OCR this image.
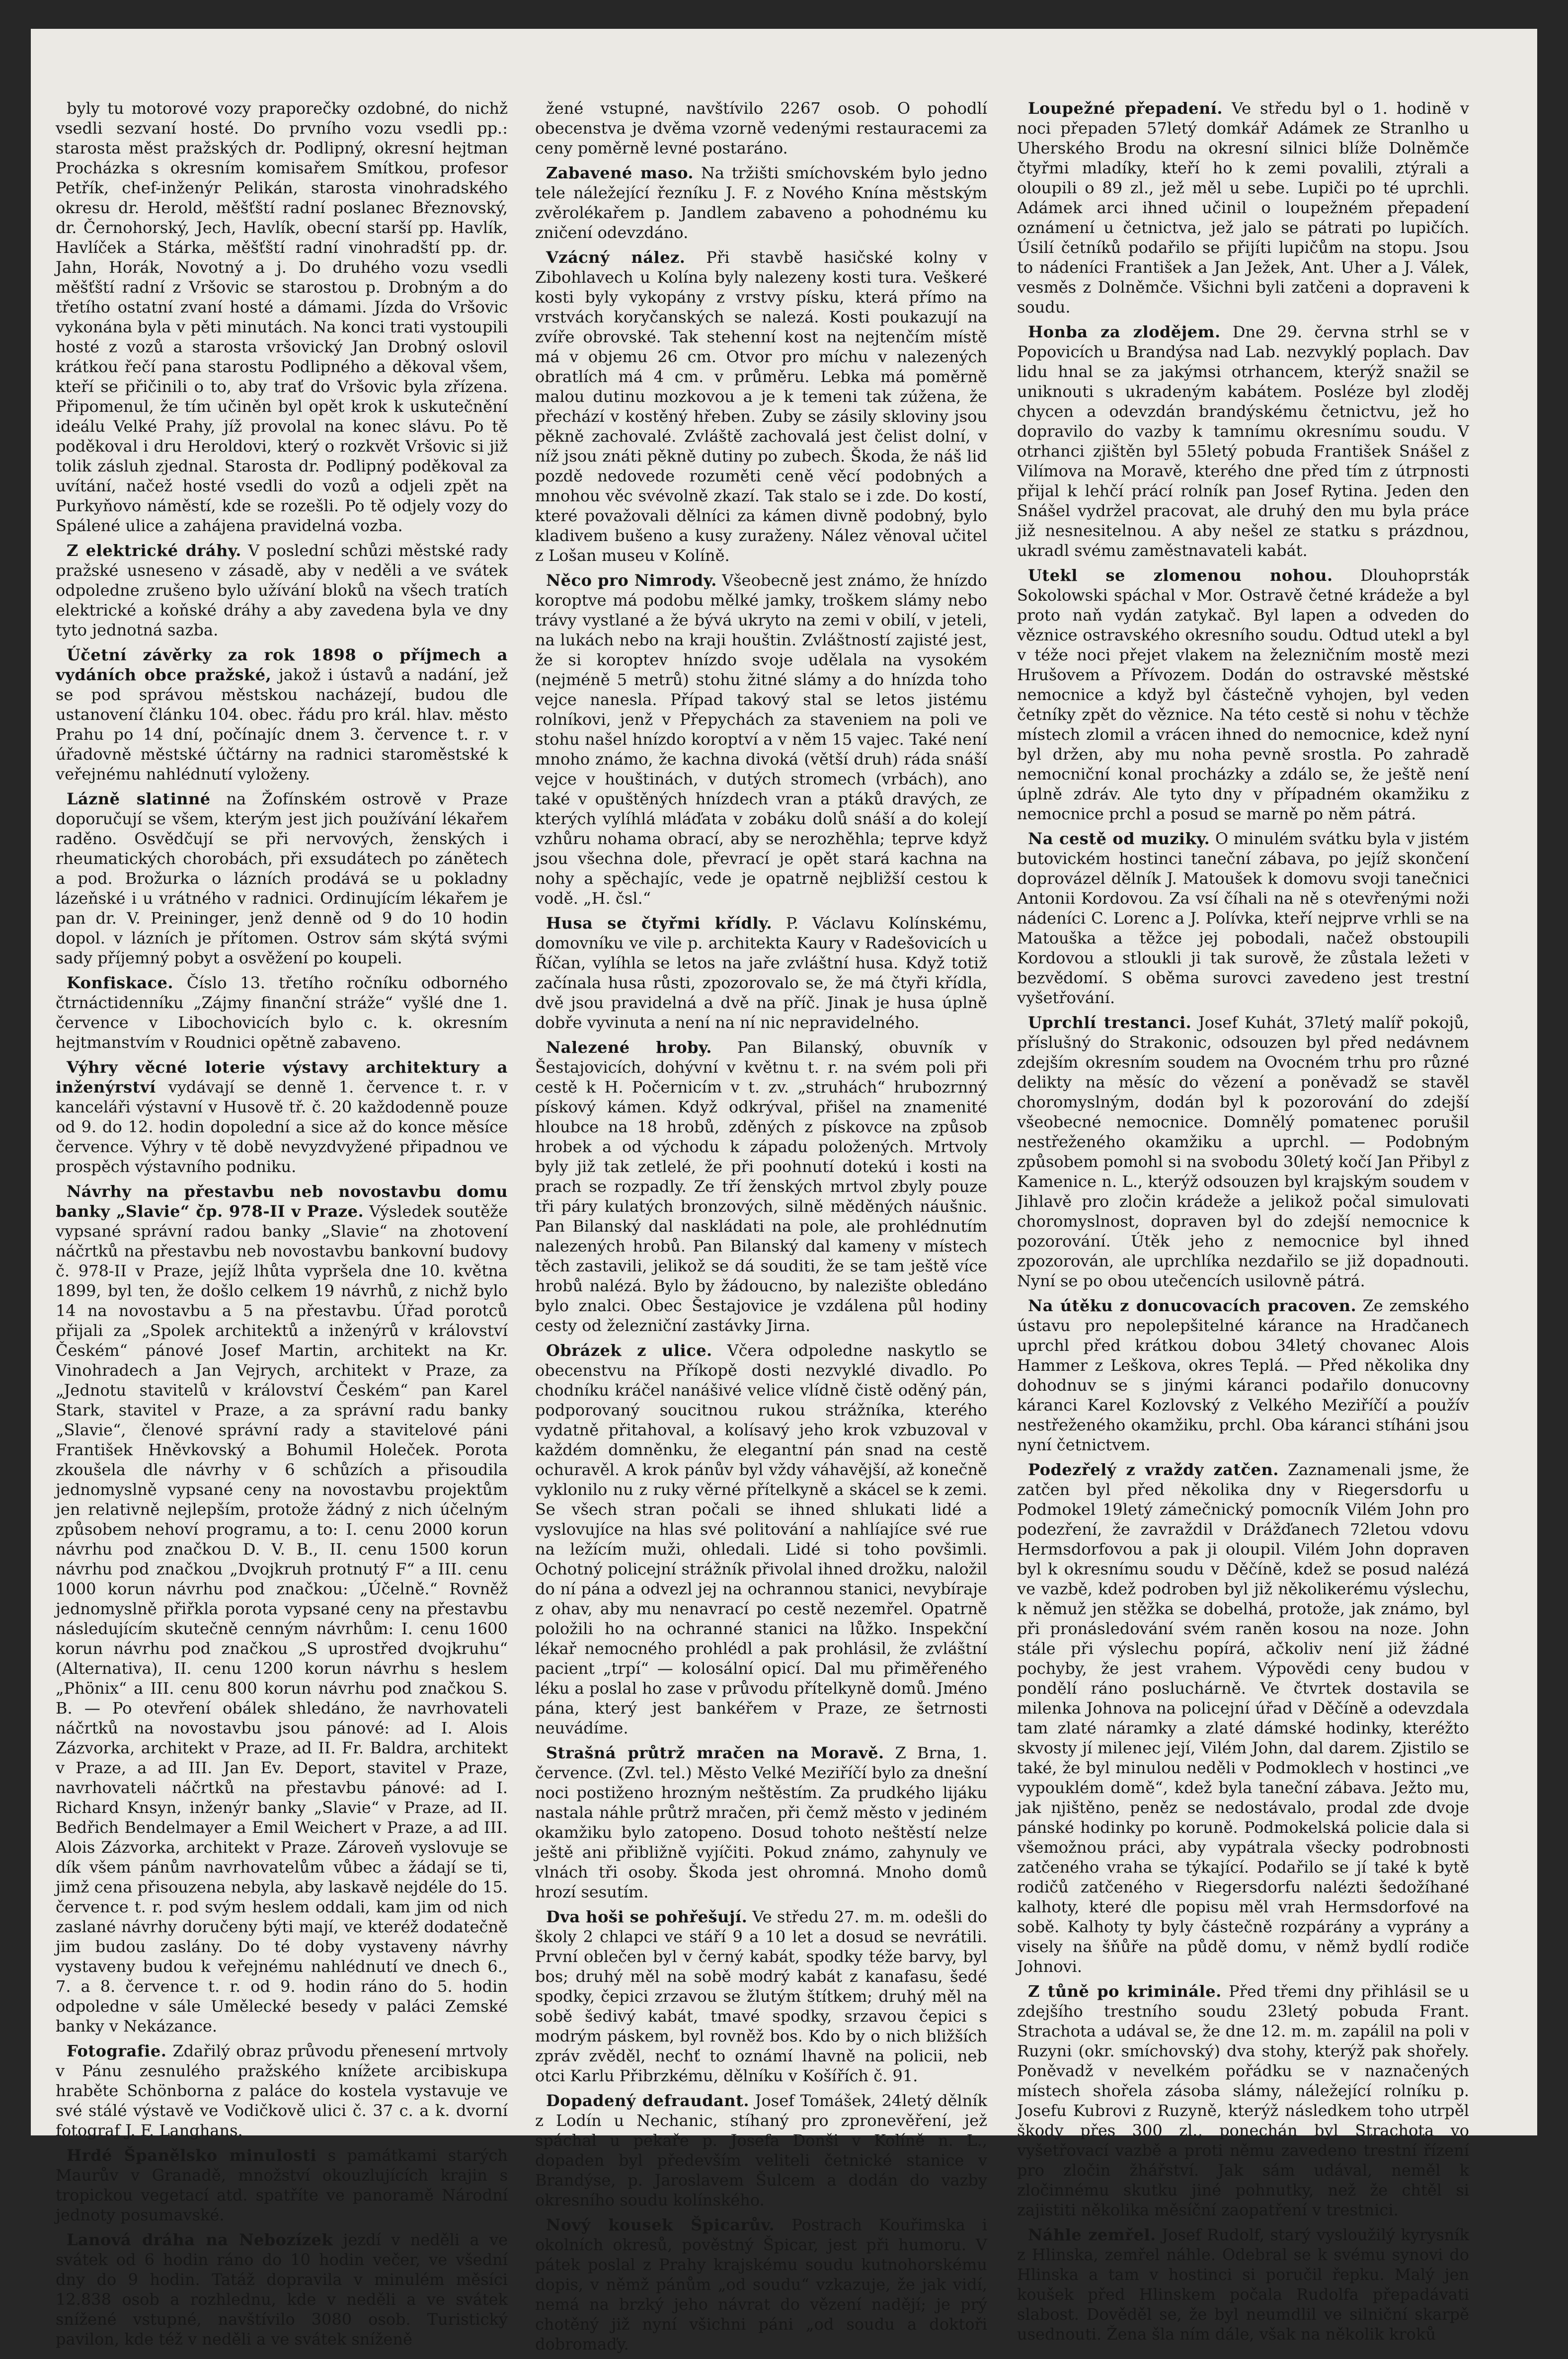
byly tu motorové vozy praporečky ozdobné, do nichž vsedli sezvaní hosté. Do prvního vozu vsedli pp.: starosta měst pražských dr. Podlipný, okresní hejtman Procházka s okresním komisařem Smítkou, profesor Petřík, chef-inženýr Pelikán, starosta vinohradského okresu dr. Herold, měšťští radní poslanec Březnovský, dr. Černohorský, Jech, Havlík, obecní starší pp. Havlík, Havlíček a Stárka, měšťští radní vinohradští pp. dr. Jahn, Horák, Novotný a j. Do druhého vozu vsedli měšťští radní z Vršovic se starostou p. Drobným a do třetího ostatní zvaní hosté a dámami. Jízda do Vršovic vykonána byla v pěti minutách. Na konci trati vystoupili hosté z vozů a starosta vršovický Jan Drobný oslovil krátkou řečí pana starostu Podlipného a děkoval všem, kteří se přičinili o to, aby trať do Vršovic byla zřízena. Připomenul, že tím učiněn byl opět krok k uskutečnění ideálu Velké Prahy, jíž provolal na konec slávu. Po tě poděkoval i dru Heroldovi, který o rozkvět Vršovic si již tolik zásluh zjednal. Starosta dr. Podlipný poděkoval za uvítání, načež hosté vsedli do vozů a odjeli zpět na Purkyňovo náměstí, kde se rozešli. Po tě odjely vozy do Spálené ulice a zahájena pravidelná vozba.

Z elektrické dráhy. V poslední schůzi městské rady pražské usneseno v zásadě, aby v neděli a ve svátek odpoledne zrušeno bylo užívání bloků na všech tratích elektrické a koňské dráhy a aby zavedena byla ve dny tyto jednotná sazba.

Účetní závěrky za rok 1898 o příjmech a vydáních obce pražské, jakož i ústavů a nadání, jež se pod správou městskou nacházejí, budou dle ustanovení článku 104. obec. řádu pro král. hlav. město Prahu po 14 dní, počínajíc dnem 3. července t. r. v úřadovně městské účtárny na radnici staroměstské k veřejnému nahlédnutí vyloženy.

Lázně slatinné na Žofínském ostrově v Praze doporučují se všem, kterým jest jich používání lékařem raděno. Osvědčují se při nervových, ženských i rheumatických chorobách, při exsudátech po zánětech a pod. Brožurka o lázních prodává se u pokladny lázeňské i u vrátného v radnici. Ordinujícím lékařem je pan dr. V. Preininger, jenž denně od 9 do 10 hodin dopol. v lázních je přítomen. Ostrov sám skýtá svými sady příjemný pobyt a osvěžení po koupeli.

Konfiskace. Číslo 13. třetího ročníku odborného čtrnáctidenníku „Zájmy finanční stráže“ vyšlé dne 1. července v Libochovicích bylo c. k. okresním hejtmanstvím v Roudnici opětně zabaveno.

Výhry věcné loterie výstavy architektury a inženýrství vydávají se denně 1. července t. r. v kanceláři výstavní v Husově tř. č. 20 každodenně pouze od 9. do 12. hodin dopolední a sice až do konce měsíce července. Výhry v tě době nevyzdvyžené připadnou ve prospěch výstavního podniku.

Návrhy na přestavbu neb novostavbu domu banky „Slavie“ čp. 978-II v Praze. Výsledek soutěže vypsané správní radou banky „Slavie“ na zhotovení náčrtků na přestavbu neb novostavbu bankovní budovy č. 978-II v Praze, jejíž lhůta vypršela dne 10. května 1899, byl ten, že došlo celkem 19 návrhů, z nichž bylo 14 na novostavbu a 5 na přestavbu. Úřad porotců přijali za „Spolek architektů a inženýrů v království Českém“ pánové Josef Martin, architekt na Kr. Vinohradech a Jan Vejrych, architekt v Praze, za „Jednotu stavitelů v království Českém“ pan Karel Stark, stavitel v Praze, a za správní radu banky „Slavie“, členové správní rady a stavitelové páni František Hněvkovský a Bohumil Holeček. Porota zkoušela dle návrhy v 6 schůzích a přisoudila jednomyslně vypsané ceny na novostavbu projektům jen relativně nejlepším, protože žádný z nich účelným způsobem nehoví programu, a to: I. cenu 2000 korun návrhu pod značkou D. V. B., II. cenu 1500 korun návrhu pod značkou „Dvojkruh protnutý F“ a III. cenu 1000 korun návrhu pod značkou: „Účelně.“ Rovněž jednomyslně přiřkla porota vypsané ceny na přestavbu následujícím skutečně cenným návrhům: I. cenu 1600 korun návrhu pod značkou „S uprostřed dvojkruhu“ (Alternativa), II. cenu 1200 korun návrhu s heslem „Phönix“ a III. cenu 800 korun návrhu pod značkou S. B. — Po otevření obálek shledáno, že navrhovateli náčrtků na novostavbu jsou pánové: ad I. Alois Zázvorka, architekt v Praze, ad II. Fr. Baldra, architekt v Praze, a ad III. Jan Ev. Deport, stavitel v Praze, navrhovateli náčrtků na přestavbu pánové: ad I. Richard Knsyn, inženýr banky „Slavie“ v Praze, ad II. Bedřich Bendelmayer a Emil Weichert v Praze, a ad III. Alois Zázvorka, architekt v Praze. Zároveň vyslovuje se dík všem pánům navrhovatelům vůbec a žádají se ti, jimž cena přisouzena nebyla, aby laskavě nejdéle do 15. července t. r. pod svým heslem oddali, kam jim od nich zaslané návrhy doručeny býti mají, ve kteréž dodatečně jim budou zaslány. Do té doby vystaveny návrhy vystaveny budou k veřejnému nahlédnutí ve dnech 6., 7. a 8. července t. r. od 9. hodin ráno do 5. hodin odpoledne v sále Umělecké besedy v paláci Zemské banky v Nekázance.

Fotografie. Zdařilý obraz průvodu přenesení mrtvoly v Pánu zesnulého pražského knížete arcibiskupa hraběte Schönborna z paláce do kostela vystavuje ve své stálé výstavě ve Vodičkově ulici č. 37 c. a k. dvorní fotograf J. F. Langhans.

Hrdé Španělsko minulosti s památkami starých Maurův v Granadě, množství okouzlujících krajin s tropickou vegetací atd. spatříte ve panoramě Národní jednoty posumavské.

Lanová dráha na Nebozízek jezdí v neděli a ve svátek od 6 hodin ráno do 10 hodin večer, ve všední dny do 9 hodin. Tatáž dopravila v minulém měsíci 12.838 osob a rozhlednu, kde v neděli a ve svátek snížené vstupné, navštívilo 3080 osob. Turistický pavilon, kde též v neděli a ve svátek sníženě

žené vstupné, navštívilo 2267 osob. O pohodlí obecenstva je dvěma vzorně vedenými restauracemi za ceny poměrně levné postaráno.

Zabavené maso. Na tržišti smíchovském bylo jedno tele náležející řezníku J. F. z Nového Knína městským zvěrolékařem p. Jandlem zabaveno a pohodnému ku zničení odevzdáno.

Vzácný nález. Při stavbě hasičské kolny v Zibohlavech u Kolína byly nalezeny kosti tura. Veškeré kosti byly vykopány z vrstvy písku, která přímo na vrstvách koryčanských se nalezá. Kosti poukazují na zvíře obrovské. Tak stehenní kost na nejtenčím místě má v objemu 26 cm. Otvor pro míchu v nalezených obratlích má 4 cm. v průměru. Lebka má poměrně malou dutinu mozkovou a je k temeni tak zúžena, že přechází v kostěný hřeben. Zuby se zásily skloviny jsou pěkně zachovalé. Zvláště zachovalá jest čelist dolní, v níž jsou znáti pěkně dutiny po zubech. Škoda, že náš lid pozdě nedovede rozuměti ceně věcí podobných a mnohou věc svévolně zkazí. Tak stalo se i zde. Do kostí, které považovali dělníci za kámen divně podobný, bylo kladivem bušeno a kusy zuraženy. Nález věnoval učitel z Lošan museu v Kolíně.

Něco pro Nimrody. Všeobecně jest známo, že hnízdo koroptve má podobu mělké jamky, troškem slámy nebo trávy vystlané a že bývá ukryto na zemi v obilí, v jeteli, na lukách nebo na kraji houštin. Zvláštností zajisté jest, že si koroptev hnízdo svoje udělala na vysokém (nejméně 5 metrů) stohu žitné slámy a do hnízda toho vejce nanesla. Případ takový stal se letos jistému rolníkovi, jenž v Přepychách za staveniem na poli ve stohu našel hnízdo koroptví a v něm 15 vajec. Také není mnoho známo, že kachna divoká (větší druh) ráda snáší vejce v houštinách, v dutých stromech (vrbách), ano také v opuštěných hnízdech vran a ptáků dravých, ze kterých vylíhlá mláďata v zobáku dolů snáší a do kolejí vzhůru nohama obrací, aby se nerozhěhla; teprve když jsou všechna dole, převrací je opět stará kachna na nohy a spěchajíc, vede je opatrně nejbližší cestou k vodě. „H. čsl.“

Husa se čtyřmi křídly. P. Václavu Kolínskému, domovníku ve vile p. architekta Kaury v Radešovicích u Říčan, vylíhla se letos na jaře zvláštní husa. Když totiž začínala husa růsti, zpozorovalo se, že má čtyři křídla, dvě jsou pravidelná a dvě na příč. Jinak je husa úplně dobře vyvinuta a není na ní nic nepravidelného.

Nalezené hroby. Pan Bilanský, obuvník v Šestajovicích, dohývní v květnu t. r. na svém poli při cestě k H. Počernicím v t. zv. „struhách“ hrubozrnný pískový kámen. Když odkrýval, přišel na znamenité hloubce na 18 hrobů, zděných z pískovce na způsob hrobek a od východu k západu položených. Mrtvoly byly již tak zetlelé, že při poohnutí dotekú i kosti na prach se rozpadly. Ze tří ženských mrtvol zbyly pouze tři páry kulatých bronzových, silně měděných náušnic. Pan Bilanský dal naskládati na pole, ale prohlédnutím nalezených hrobů. Pan Bilanský dal kameny v místech těch zastavili, jelikož se dá souditi, že se tam ještě více hrobů nalézá. Bylo by žádoucno, by nalezište obledáno bylo znalci. Obec Šestajovice je vzdálena půl hodiny cesty od železniční zastávky Jirna.

Obrázek z ulice. Včera odpoledne naskytlo se obecenstvu na Příkopě dosti nezvyklé divadlo. Po chodníku kráčel nanášivé velice vlídně čistě oděný pán, podporovaný soucitnou rukou strážníka, kterého vydatně přitahoval, a kolísavý jeho krok vzbuzoval v každém domněnku, že elegantní pán snad na cestě ochuravěl. A krok pánův byl vždy váhavější, až konečně vyklonilo nu z ruky věrné přítelkyně a skácel se k zemi. Se všech stran počali se ihned shlukati lidé a vyslovujíce na hlas své politování a nahlíajíce své rue na ležícím muži, ohledali. Lidé si toho povšimli. Ochotný policejní strážník přivolal ihned drožku, naložil do ní pána a odvezl jej na ochrannou stanici, nevybíraje z ohav, aby mu nenavrací po cestě nezemřel. Opatrně položili ho na ochranné stanici na lůžko. Inspekční lékař nemocného prohlédl a pak prohlásil, že zvláštní pacient „trpí“ — kolosální opicí. Dal mu přiměřeného léku a poslal ho zase v průvodu přítelkyně domů. Jméno pána, který jest bankéřem v Praze, ze šetrnosti neuvádíme.

Strašná průtrž mračen na Moravě. Z Brna, 1. července. (Zvl. tel.) Město Velké Meziříčí bylo za dnešní noci postiženo hrozným neštěstím. Za prudkého lijáku nastala náhle průtrž mračen, při čemž město v jediném okamžiku bylo zatopeno. Dosud tohoto neštěstí nelze ještě ani přibližně vyjíčiti. Pokud známo, zahynuly ve vlnách tři osoby. Škoda jest ohromná. Mnoho domů hrozí sesutím.

Dva hoši se pohřešují. Ve středu 27. m. m. odešli do školy 2 chlapci ve stáří 9 a 10 let a dosud se nevrátili. První oblečen byl v černý kabát, spodky téže barvy, byl bos; druhý měl na sobě modrý kabát z kanafasu, šedé spodky, čepici zrzavou se žlutým štítkem; druhý měl na sobě šedivý kabát, tmavé spodky, srzavou čepici s modrým páskem, byl rovněž bos. Kdo by o nich bližších zpráv zvěděl, nechť to oznámí lhavně na policii, neb otci Karlu Přibrzkému, dělníku v Košířích č. 91.

Dopadený defraudant. Josef Tomášek, 24letý dělník z Lodín u Nechanic, stíhaný pro zpronevěření, jež spáchal u pekaře p. Josefa Donši v Kolíně n. L., dopaden byl především veliteli četnické stanice v Brandýse, p. Jaroslavem Šulcem a dodán do vazby okresního soudu kolínského.

Nový kousek Špicarův. Postrach Kouřimska i okolních okresů, pověstný Špicar, jest při humoru. V pátek poslal z Prahy krajskému soudu kutnohorskému dopis, v němž pánům „od soudu“ vzkazuje, že jak vidí, nemá na brzký jeho návrat do vězení nadějí; je prý chotěný již nyní všichni páni „od soudu a doktoři dobromaďy.

Loupežné přepadení. Ve středu byl o 1. hodině v noci přepaden 57letý domkář Adámek ze Stranlho u Uherského Brodu na okresní silnici blíže Dolněmče čtyřmi mladíky, kteří ho k zemi povalili, ztýrali a oloupili o 89 zl., jež měl u sebe. Lupiči po té uprchli. Adámek arci ihned učinil o loupežném přepadení oznámení u četnictva, jež jalo se pátrati po lupičích. Úsilí četníků podařilo se přijíti lupičům na stopu. Jsou to nádeníci František a Jan Ježek, Ant. Uher a J. Válek, vesměs z Dolněmče. Všichni byli zatčeni a dopraveni k soudu.

Honba za zlodějem. Dne 29. června strhl se v Popovicích u Brandýsa nad Lab. nezvyklý poplach. Dav lidu hnal se za jakýmsi otrhancem, kterýž snažil se uniknouti s ukradeným kabátem. Posléze byl zloděj chycen a odevzdán brandýskému četnictvu, jež ho dopravilo do vazby k tamnímu okresnímu soudu. V otrhanci zjištěn byl 55letý pobuda František Snášel z Vilímova na Moravě, kterého dne před tím z útrpnosti přijal k lehčí prácí rolník pan Josef Rytina. Jeden den Snášel vydržel pracovat, ale druhý den mu byla práce již nesnesitelnou. A aby nešel ze statku s prázdnou, ukradl svému zaměstnavateli kabát.

Utekl se zlomenou nohou. Dlouhoprsták Sokolowski spáchal v Mor. Ostravě četné krádeže a byl proto naň vydán zatykač. Byl lapen a odveden do věznice ostravského okresního soudu. Odtud utekl a byl v téže noci přejet vlakem na železničním mostě mezi Hrušovem a Přívozem. Dodán do ostravské městské nemocnice a když byl částečně vyhojen, byl veden četníky zpět do věznice. Na této cestě si nohu v těchže místech zlomil a vrácen ihned do nemocnice, kdež nyní byl držen, aby mu noha pevně srostla. Po zahradě nemocniční konal procházky a zdálo se, že ještě není úplně zdráv. Ale tyto dny v případném okamžiku z nemocnice prchl a posud se marně po něm pátrá.

Na cestě od muziky. O minulém svátku byla v jistém butovickém hostinci taneční zábava, po jejíž skončení doprovázel dělník J. Matoušek k domovu svoji tanečnici Antonii Kordovou. Za vsí číhali na ně s otevřenými noži nádeníci C. Lorenc a J. Polívka, kteří nejprve vrhli se na Matouška a těžce jej pobodali, načež obstoupili Kordovou a stloukli ji tak surově, že zůstala ležeti v bezvědomí. S oběma surovci zavedeno jest trestní vyšetřování.

Uprchlí trestanci. Josef Kuhát, 37letý malíř pokojů, příslušný do Strakonic, odsouzen byl před nedávnem zdejším okresním soudem na Ovocném trhu pro různé delikty na měsíc do vězení a poněvadž se stavěl choromyslným, dodán byl k pozorování do zdejší všeobecné nemocnice. Domnělý pomatenec porušil nestřeženého okamžiku a uprchl. — Podobným způsobem pomohl si na svobodu 30letý kočí Jan Přibyl z Kamenice n. L., kterýž odsouzen byl krajským soudem v Jihlavě pro zločin krádeže a jelikož počal simulovati choromyslnost, dopraven byl do zdejší nemocnice k pozorování. Útěk jeho z nemocnice byl ihned zpozorován, ale uprchlíka nezdařilo se již dopadnouti. Nyní se po obou utečencích usilovně pátrá.

Na útěku z donucovacích pracoven. Ze zemského ústavu pro nepolepšitelné kárance na Hradčanech uprchl před krátkou dobou 34letý chovanec Alois Hammer z Leškova, okres Teplá. — Před několika dny dohodnuv se s jinými káranci podařilo donucovny káranci Karel Kozlovský z Velkého Meziříčí a použív nestřeženého okamžiku, prchl. Oba káranci stíháni jsou nyní četnictvem.

Podezřelý z vraždy zatčen. Zaznamenali jsme, že zatčen byl před několika dny v Riegersdorfu u Podmokel 19letý zámečnický pomocník Vilém John pro podezření, že zavraždil v Drážďanech 72letou vdovu Hermsdorfovou a pak ji oloupil. Vilém John dopraven byl k okresnímu soudu v Děčíně, kdež se posud nalézá ve vazbě, kdež podroben byl již několikerému výslechu, k němuž jen stěžka se dobelhá, protože, jak známo, byl při pronásledování svém raněn kosou na noze. John stále při výslechu popírá, ačkoliv není již žádné pochyby, že jest vrahem. Výpovědi ceny budou v pondělí ráno posluchárně. Ve čtvrtek dostavila se milenka Johnova na policejní úřad v Děčíně a odevzdala tam zlaté náramky a zlaté dámské hodinky, kteréžto skvosty jí milenec její, Vilém John, dal darem. Zjistilo se také, že byl minulou neděli v Podmoklech v hostinci „ve vypouklém domě“, kdež byla taneční zábava. Ježto mu, jak njištěno, peněz se nedostávalo, prodal zde dvoje pánské hodinky po koruně. Podmokelská policie dala si všemožnou práci, aby vypátrala všecky podrobnosti zatčeného vraha se týkající. Podařilo se jí také k bytě rodičů zatčeného v Riegersdorfu nalézti šedožíhané kalhoty, které dle popisu měl vrah Hermsdorfové na sobě. Kalhoty ty byly částečně rozpárány a vyprány a visely na šňůře na půdě domu, v němž bydlí rodiče Johnovi.

Z tůně po kriminále. Před třemi dny přihlásil se u zdejšího trestního soudu 23letý pobuda Frant. Strachota a udával se, že dne 12. m. m. zapálil na poli v Ruzyni (okr. smíchovský) dva stohy, kterýž pak shořely. Poněvadž v nevelkém pořádku se v naznačených místech shořela zásoba slámy, náležející rolníku p. Josefu Kubrovi z Ruzyně, kterýž následkem toho utrpěl škody přes 300 zl., ponechán byl Strachota vo vyšetřovací vazbě a proti němu zavedeno trestní řízení pro zločin žhářství. Jak sám udával, neměl k zločinnému skutku jiné pohnutky, než že chtěl si zajistiti několika měsíční zaopatření v trestnici.

Náhle zemřel. Josef Rudolf, starý vysloužilý kyrysník z Hlinska, zemřel náhle. Odebral se k svému synovi do Hlinska a tam v hostinci si poručil řepku. Malý jen koušek před Hlinskem počala Rudolfa přepadávati slabost. Dověděl se, že byl neumdlil ve silniční skarpě usednouti. Žena šla ním dále, však na několik kroků
